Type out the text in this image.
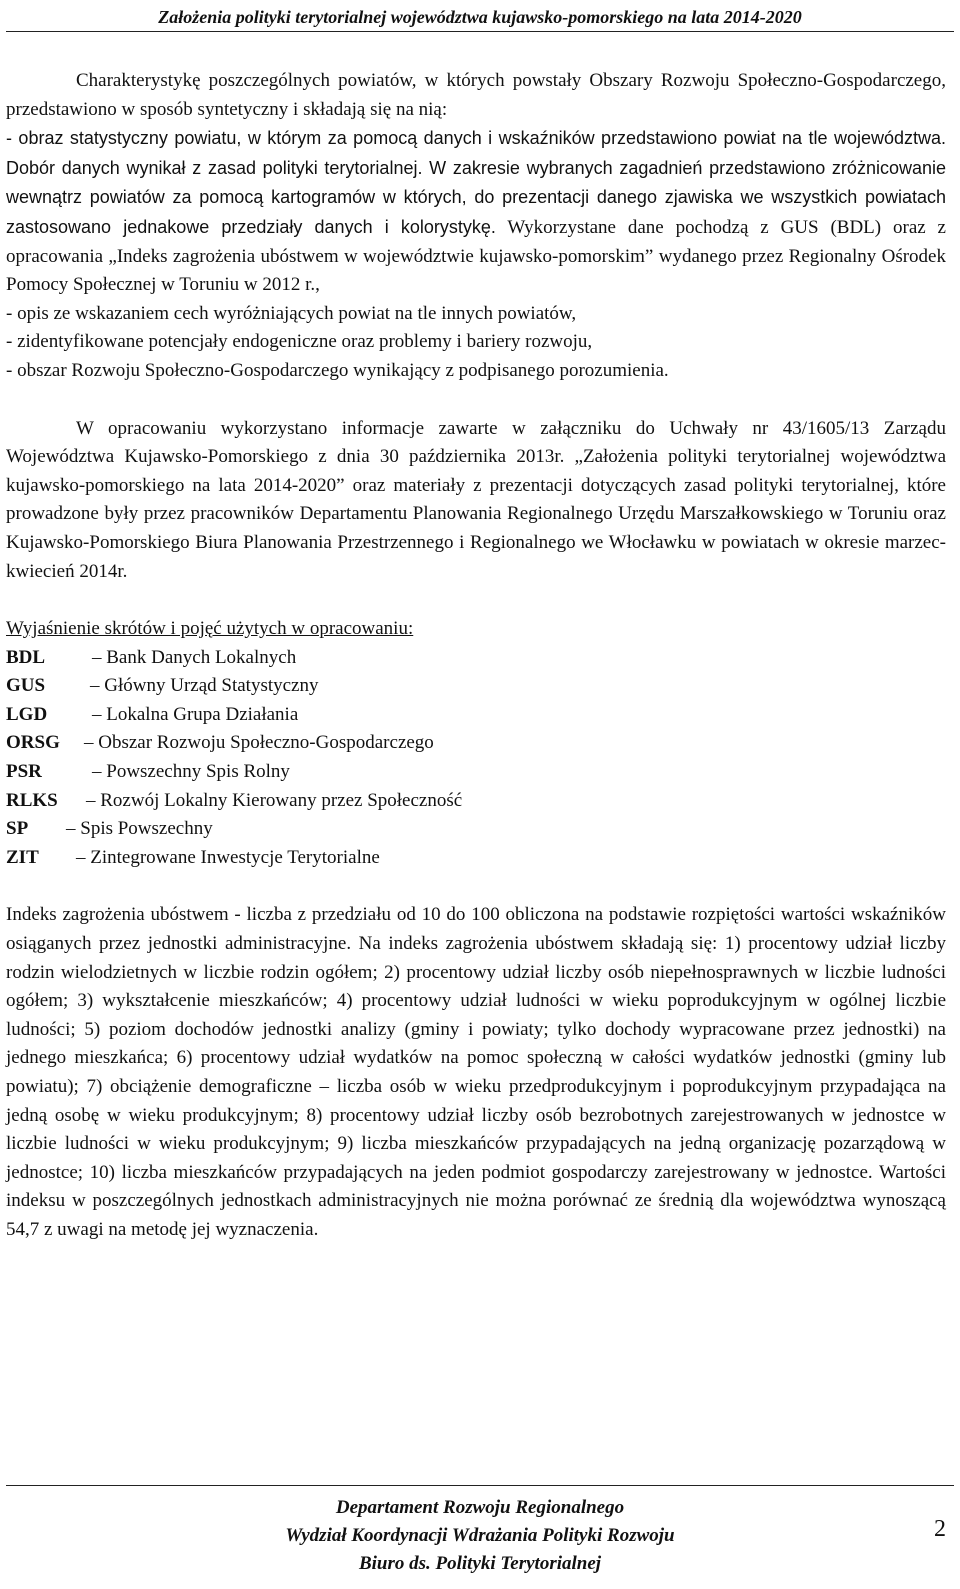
Założenia polityki terytorialnej województwa kujawsko-pomorskiego na lata 2014-2020

Charakterystykę poszczególnych powiatów, w których powstały Obszary Rozwoju Społeczno-Gospodarczego, przedstawiono w sposób syntetyczny i składają się na nią:

- obraz statystyczny powiatu, w którym za pomocą danych i wskaźników przedstawiono powiat na tle województwa. Dobór danych wynikał z zasad polityki terytorialnej. W zakresie wybranych zagadnień przedstawiono zróżnicowanie wewnątrz powiatów za pomocą kartogramów w których, do prezentacji danego zjawiska we wszystkich powiatach zastosowano jednakowe przedziały danych i kolorystykę. Wykorzystane dane pochodzą z GUS (BDL) oraz z opracowania „Indeks zagrożenia ubóstwem w województwie kujawsko-pomorskim” wydanego przez Regionalny Ośrodek Pomocy Społecznej w Toruniu w 2012 r.,

- opis ze wskazaniem cech wyróżniających powiat na tle innych powiatów,

- zidentyfikowane potencjały endogeniczne oraz problemy i bariery rozwoju,

- obszar Rozwoju Społeczno-Gospodarczego wynikający z podpisanego porozumienia.

W opracowaniu wykorzystano informacje zawarte w załączniku do Uchwały nr 43/1605/13 Zarządu Województwa Kujawsko-Pomorskiego z dnia 30 października 2013r. „Założenia polityki terytorialnej województwa kujawsko-pomorskiego na lata 2014-2020” oraz materiały z prezentacji dotyczących zasad polityki terytorialnej, które prowadzone były przez pracowników Departamentu Planowania Regionalnego Urzędu Marszałkowskiego w Toruniu oraz Kujawsko-Pomorskiego Biura Planowania Przestrzennego i Regionalnego we Włocławku w powiatach w okresie marzec-kwiecień 2014r.

Wyjaśnienie skrótów i pojęć użytych w opracowaniu:

BDL	– Bank Danych Lokalnych
GUS	– Główny Urząd Statystyczny
LGD	– Lokalna Grupa Działania
ORSG	– Obszar Rozwoju Społeczno-Gospodarczego
PSR	– Powszechny Spis Rolny
RLKS	– Rozwój Lokalny Kierowany przez Społeczność
SP	– Spis Powszechny
ZIT	– Zintegrowane Inwestycje Terytorialne

Indeks zagrożenia ubóstwem - liczba z przedziału od 10 do 100 obliczona na podstawie rozpiętości wartości wskaźników osiąganych przez jednostki administracyjne. Na indeks zagrożenia ubóstwem składają się: 1) procentowy udział liczby rodzin wielodzietnych w liczbie rodzin ogółem; 2) procentowy udział liczby osób niepełnosprawnych w liczbie ludności ogółem; 3) wykształcenie mieszkańców; 4) procentowy udział ludności w wieku poprodukcyjnym w ogólnej liczbie ludności; 5) poziom dochodów jednostki analizy (gminy i powiaty; tylko dochody wypracowane przez jednostki) na jednego mieszkańca; 6) procentowy udział wydatków na pomoc społeczną w całości wydatków jednostki (gminy lub powiatu); 7) obciążenie demograficzne – liczba osób w wieku przedprodukcyjnym i poprodukcyjnym przypadająca na jedną osobę w wieku produkcyjnym; 8) procentowy udział liczby osób bezrobotnych zarejestrowanych w jednostce w liczbie ludności w wieku produkcyjnym; 9) liczba mieszkańców przypadających na jedną organizację pozarządową w jednostce; 10) liczba mieszkańców przypadających na jeden podmiot gospodarczy zarejestrowany w jednostce. Wartości indeksu w poszczególnych jednostkach administracyjnych nie można porównać ze średnią dla województwa wynoszącą 54,7 z uwagi na metodę jej wyznaczenia.

Departament Rozwoju Regionalnego
Wydział Koordynacji Wdrażania Polityki Rozwoju
Biuro ds. Polityki Terytorialnej
2
